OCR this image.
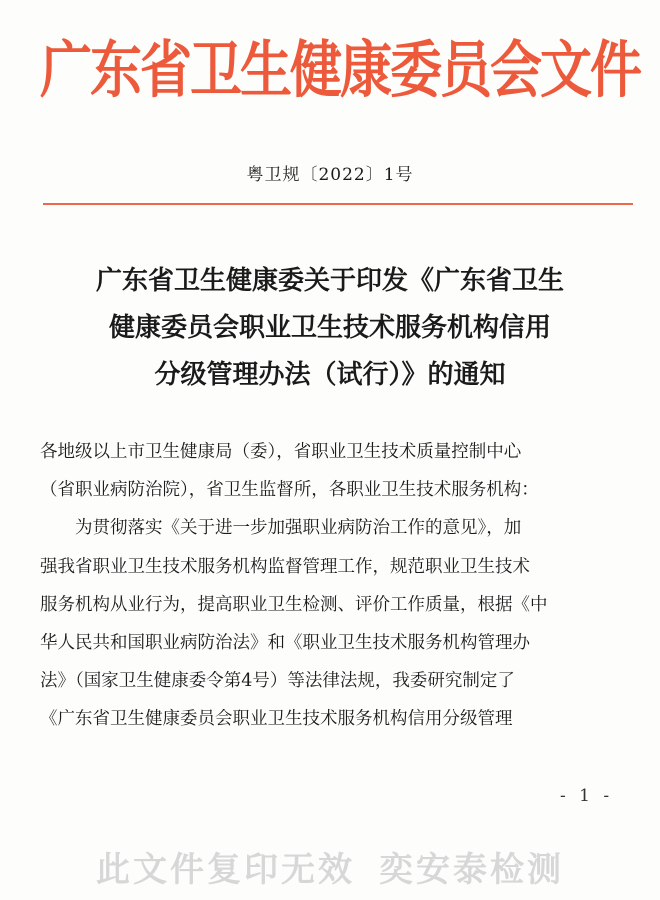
广东省卫生健康委员会文件
粤卫规〔2022〕1号
广东省卫生健康委关于印发《广东省卫生
健康委员会职业卫生技术服务机构信用
分级管理办法（试行）》的通知
各地级以上市卫生健康局（委），省职业卫生技术质量控制中心
（省职业病防治院），省卫生监督所，各职业卫生技术服务机构：
　　为贯彻落实《关于进一步加强职业病防治工作的意见》，加
强我省职业卫生技术服务机构监督管理工作，规范职业卫生技术
服务机构从业行为，提高职业卫生检测、评价工作质量，根据《中
华人民共和国职业病防治法》和《职业卫生技术服务机构管理办
法》（国家卫生健康委令第4号）等法律法规，我委研究制定了
《广东省卫生健康委员会职业卫生技术服务机构信用分级管理
- 1 -
此文件复印无效 奕安泰检测
